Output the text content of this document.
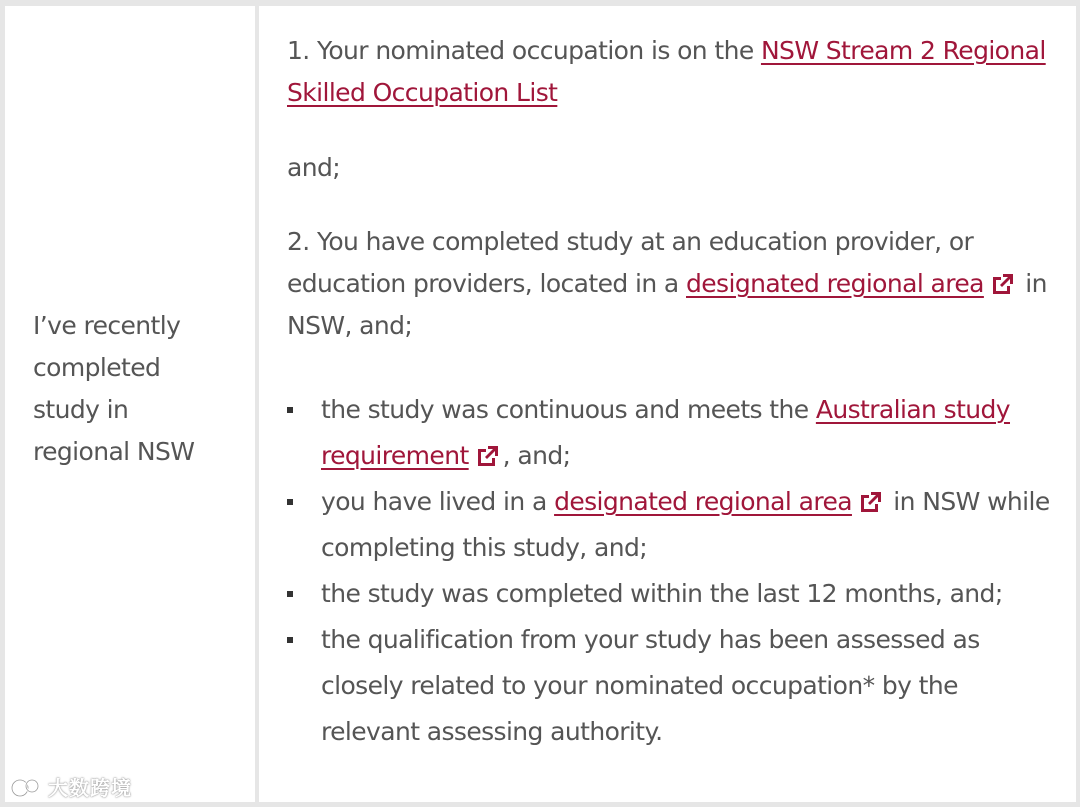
I’ve recently
completed
study in
regional NSW

1. Your nominated occupation is on the NSW Stream 2 Regional Skilled Occupation List

and;

2. You have completed study at an education provider, or education providers, located in a designated regional area in NSW, and;

the study was continuous and meets the Australian study requirement , and;
you have lived in a designated regional area in NSW while completing this study, and;
the study was completed within the last 12 months, and;
the qualification from your study has been assessed as closely related to your nominated occupation* by the relevant assessing authority.
大数跨境
